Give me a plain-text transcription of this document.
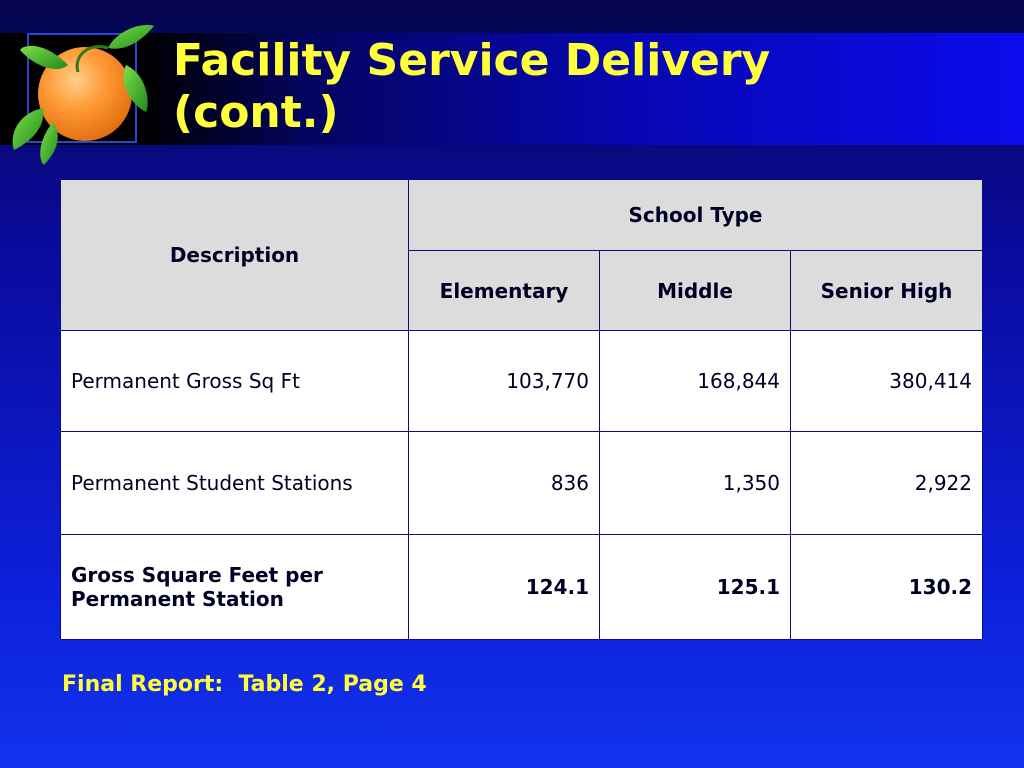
Facility Service Delivery
(cont.)
Description	School Type		
	Elementary	Middle	Senior High
Permanent Gross Sq Ft	103,770	168,844	380,414
Permanent Student Stations	836	1,350	2,922
Gross Square Feet per Permanent Station	124.1	125.1	130.2
Final Report:  Table 2, Page 4
